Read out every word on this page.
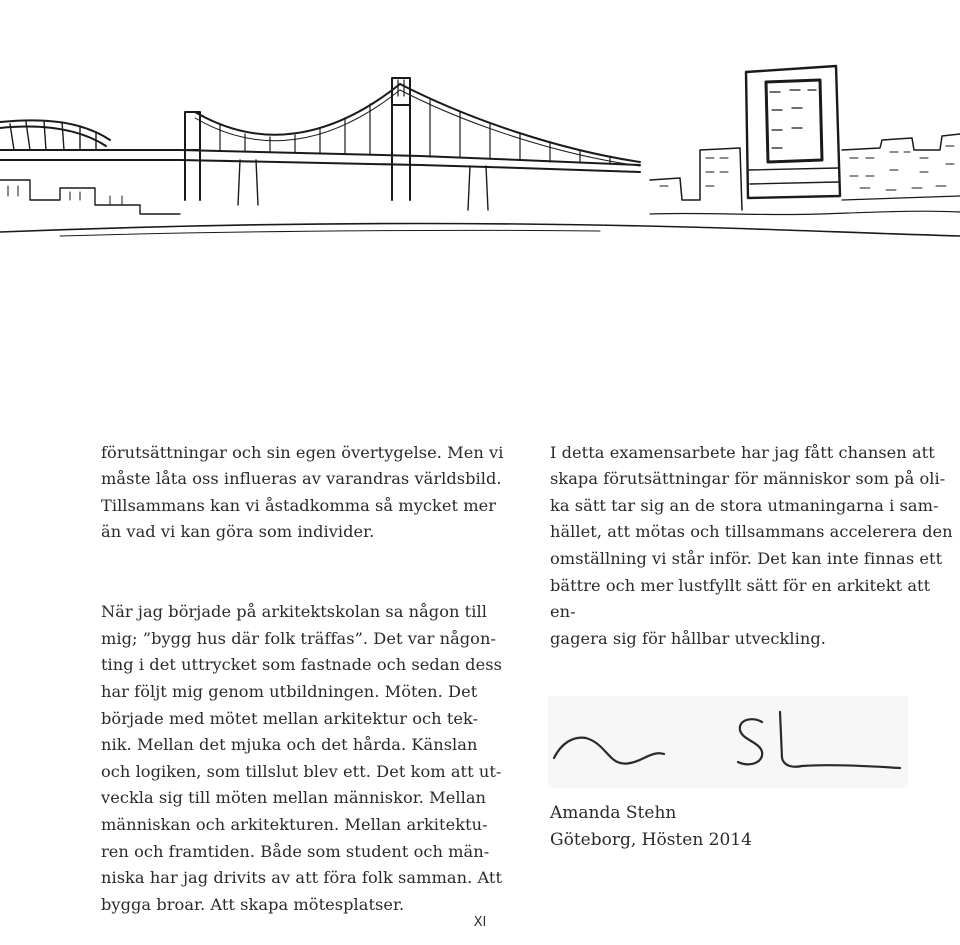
förutsättningar och sin egen övertygelse. Men vi
måste låta oss influeras av varandras världsbild.
Tillsammans kan vi åstadkomma så mycket mer
än vad vi kan göra som individer.

När jag började på arkitektskolan sa någon till
mig; ”bygg hus där folk träffas”. Det var någon-
ting i det uttrycket som fastnade och sedan dess
har följt mig genom utbildningen. Möten. Det
började med mötet mellan arkitektur och tek-
nik. Mellan det mjuka och det hårda. Känslan
och logiken, som tillslut blev ett. Det kom att ut-
veckla sig till möten mellan människor. Mellan
människan och arkitekturen. Mellan arkitektu-
ren och framtiden. Både som student och män-
niska har jag drivits av att föra folk samman. Att
bygga broar. Att skapa mötesplatser.

I detta examensarbete har jag fått chansen att
skapa förutsättningar för människor som på oli-
ka sätt tar sig an de stora utmaningarna i sam-
hället, att mötas och tillsammans accelerera den
omställning vi står inför. Det kan inte finnas ett
bättre och mer lustfyllt sätt för en arkitekt att en-
gagera sig för hållbar utveckling.

Amanda Stehn
Göteborg, Hösten 2014
XI
